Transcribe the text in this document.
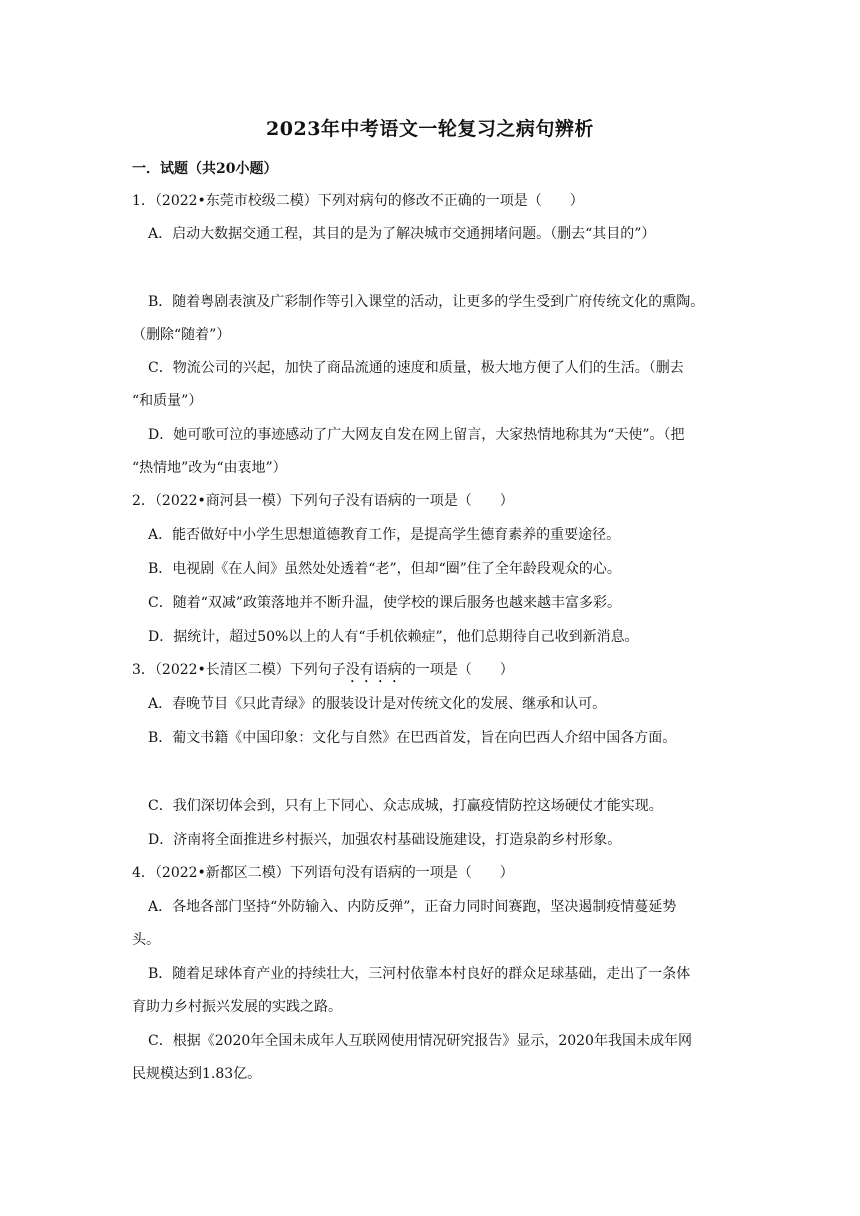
2023年中考语文一轮复习之病句辨析
一．试题（共20小题）
1．（2022•东莞市校级二模）下列对病句的修改不正确的一项是（　　）
A．启动大数据交通工程，其目的是为了解决城市交通拥堵问题。（删去“其目的”）
B．随着粤剧表演及广彩制作等引入课堂的活动，让更多的学生受到广府传统文化的熏陶。
（删除“随着”）
C．物流公司的兴起，加快了商品流通的速度和质量，极大地方便了人们的生活。（删去
“和质量”）
D．她可歌可泣的事迹感动了广大网友自发在网上留言，大家热情地称其为“天使”。（把
“热情地”改为“由衷地”）
2．（2022•商河县一模）下列句子没有语病的一项是（　　）
A．能否做好中小学生思想道德教育工作，是提高学生德育素养的重要途径。
B．电视剧《在人间》虽然处处透着“老”，但却“圈”住了全年龄段观众的心。
C．随着“双减”政策落地并不断升温，使学校的课后服务也越来越丰富多彩。
D．据统计，超过50%以上的人有“手机依赖症”，他们总期待自己收到新消息。
3．（2022•长清区二模）下列句子没有语病的一项是（　　）
A．春晚节目《只此青绿》的服装设计是对传统文化的发展、继承和认可。
B．葡文书籍《中国印象：文化与自然》在巴西首发，旨在向巴西人介绍中国各方面。
C．我们深切体会到，只有上下同心、众志成城，打赢疫情防控这场硬仗才能实现。
D．济南将全面推进乡村振兴，加强农村基础设施建设，打造泉韵乡村形象。
4．（2022•新都区二模）下列语句没有语病的一项是（　　）
A．各地各部门坚持“外防输入、内防反弹”，正奋力同时间赛跑，坚决遏制疫情蔓延势
头。
B．随着足球体育产业的持续壮大，三河村依靠本村良好的群众足球基础，走出了一条体
育助力乡村振兴发展的实践之路。
C．根据《2020年全国未成年人互联网使用情况研究报告》显示，2020年我国未成年网
民规模达到1.83亿。
